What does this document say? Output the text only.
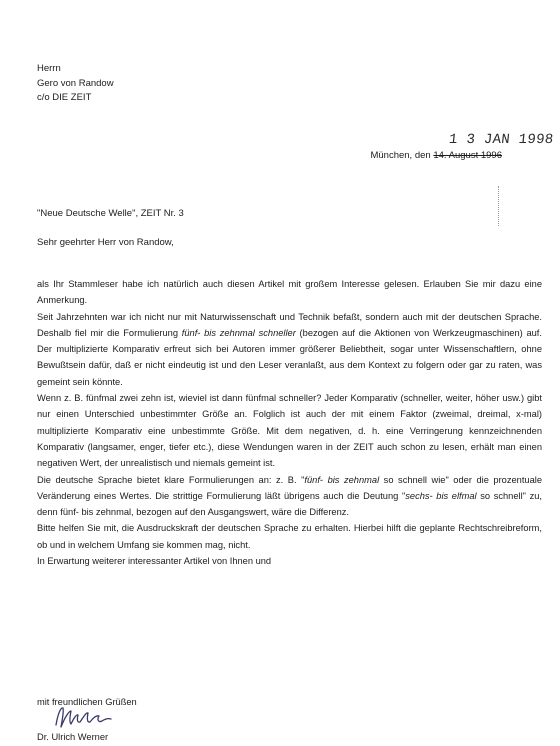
Herrn
Gero von Randow
c/o DIE ZEIT
1 3 JAN 1998
München, den 14. August 1996
"Neue Deutsche Welle", ZEIT Nr. 3
Sehr geehrter Herr von Randow,

als Ihr Stammleser habe ich natürlich auch diesen Artikel mit großem Interesse gelesen. Erlauben Sie mir dazu eine Anmerkung.

Seit Jahrzehnten war ich nicht nur mit Naturwissenschaft und Technik befaßt, sondern auch mit der deutschen Sprache. Deshalb fiel mir die Formulierung fünf- bis zehnmal schneller (bezogen auf die Aktionen von Werkzeugmaschinen) auf. Der multiplizierte Komparativ erfreut sich bei Autoren immer größerer Beliebtheit, sogar unter Wissenschaftlern, ohne Bewußtsein dafür, daß er nicht eindeutig ist und den Leser veranlaßt, aus dem Kontext zu folgern oder gar zu raten, was gemeint sein könnte.

Wenn z. B. fünfmal zwei zehn ist, wieviel ist dann fünfmal schneller? Jeder Komparativ (schneller, weiter, höher usw.) gibt nur einen Unterschied unbestimmter Größe an. Folglich ist auch der mit einem Faktor (zweimal, dreimal, x-mal) multiplizierte Komparativ eine unbestimmte Größe. Mit dem negativen, d. h. eine Verringerung kennzeichnenden Komparativ (langsamer, enger, tiefer etc.), diese Wendungen waren in der ZEIT auch schon zu lesen, erhält man einen negativen Wert, der unrealistisch und niemals gemeint ist.

Die deutsche Sprache bietet klare Formulierungen an: z. B. "fünf- bis zehnmal so schnell wie" oder die prozentuale Veränderung eines Wertes. Die strittige Formulierung läßt übrigens auch die Deutung "sechs- bis elfmal so schnell" zu, denn fünf- bis zehnmal, bezogen auf den Ausgangswert, wäre die Differenz.

Bitte helfen Sie mit, die Ausdruckskraft der deutschen Sprache zu erhalten. Hierbei hilft die geplante Rechtschreibreform, ob und in welchem Umfang sie kommen mag, nicht.

In Erwartung weiterer interessanter Artikel von Ihnen und

mit freundlichen Grüßen
Dr. Ulrich Werner
